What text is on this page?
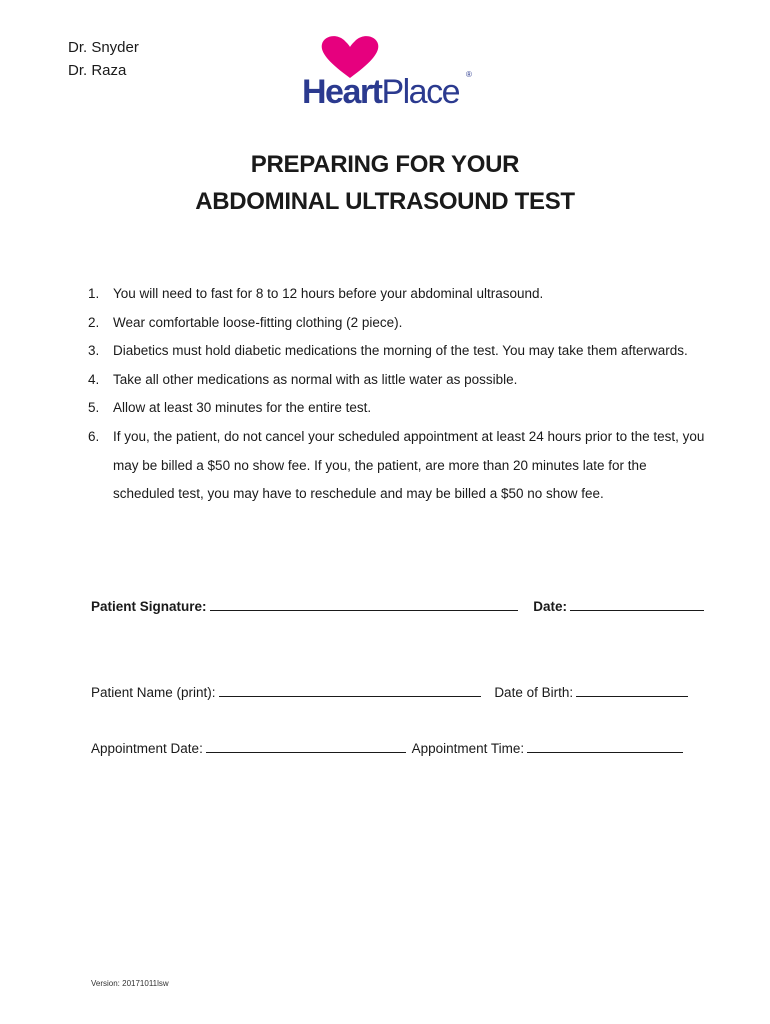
Dr. Snyder
Dr. Raza
HeartPlace ®
PREPARING FOR YOUR
ABDOMINAL ULTRASOUND TEST
1.	You will need to fast for 8 to 12 hours before your abdominal ultrasound.
2.	Wear comfortable loose-fitting clothing (2 piece).
3.	Diabetics must hold diabetic medications the morning of the test. You may take them afterwards.
4.	Take all other medications as normal with as little water as possible.
5.	Allow at least 30 minutes for the entire test.
6.	If you, the patient, do not cancel your scheduled appointment at least 24 hours prior to the test, you may be billed a $50 no show fee. If you, the patient, are more than 20 minutes late for the scheduled test, you may have to reschedule and may be billed a $50 no show fee.
Patient Signature:	Date:
Patient Name (print):	Date of Birth:
Appointment Date:	Appointment Time:
Version: 20171011lsw
